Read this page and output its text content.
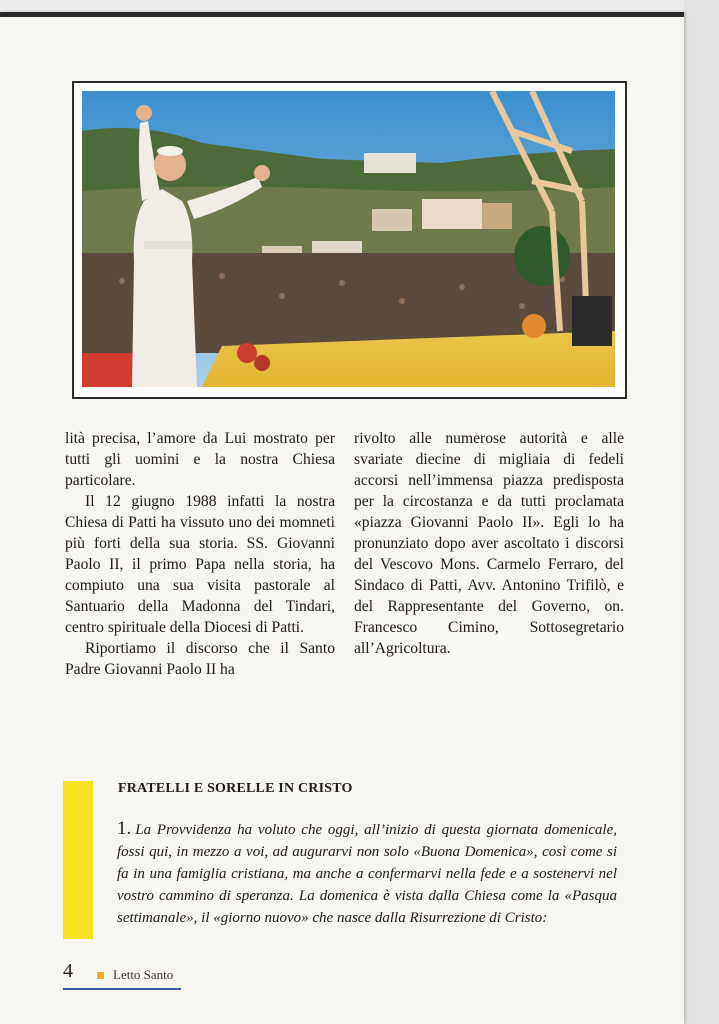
lità precisa, l’amore da Lui mostrato per tutti gli uomini e la nostra Chiesa particolare.

Il 12 giugno 1988 infatti la nostra Chiesa di Patti ha vissuto uno dei momneti più forti della sua storia. SS. Giovanni Paolo II, il primo Papa nella storia, ha compiuto una sua visita pastorale al Santuario della Madonna del Tindari, centro spirituale della Diocesi di Patti.

Riportiamo il discorso che il Santo Padre Giovanni Paolo II ha

rivolto alle numerose autorità e alle svariate diecine di migliaia di fedeli accorsi nell’immensa piazza predisposta per la circostanza e da tutti proclamata «piazza Giovanni Paolo II». Egli lo ha pronunziato dopo aver ascoltato i discorsi del Vescovo Mons. Carmelo Ferraro, del Sindaco di Patti, Avv. Antonino Trifilò, e del Rappresentante del Governo, on. Francesco Cimino, Sottosegretario all’Agricoltura.

FRATELLI E SORELLE IN CRISTO
1. La Provvidenza ha voluto che oggi, all’inizio di questa giornata domenicale, fossi qui, in mezzo a voi, ad augurarvi non solo «Buona Domenica», così come si fa in una famiglia cristiana, ma anche a confermarvi nella fede e a sostenervi nel vostro cammino di speranza. La domenica è vista dalla Chiesa come la «Pasqua settimanale», il «giorno nuovo» che nasce dalla Risurrezione di Cristo:
4	Letto Santo
